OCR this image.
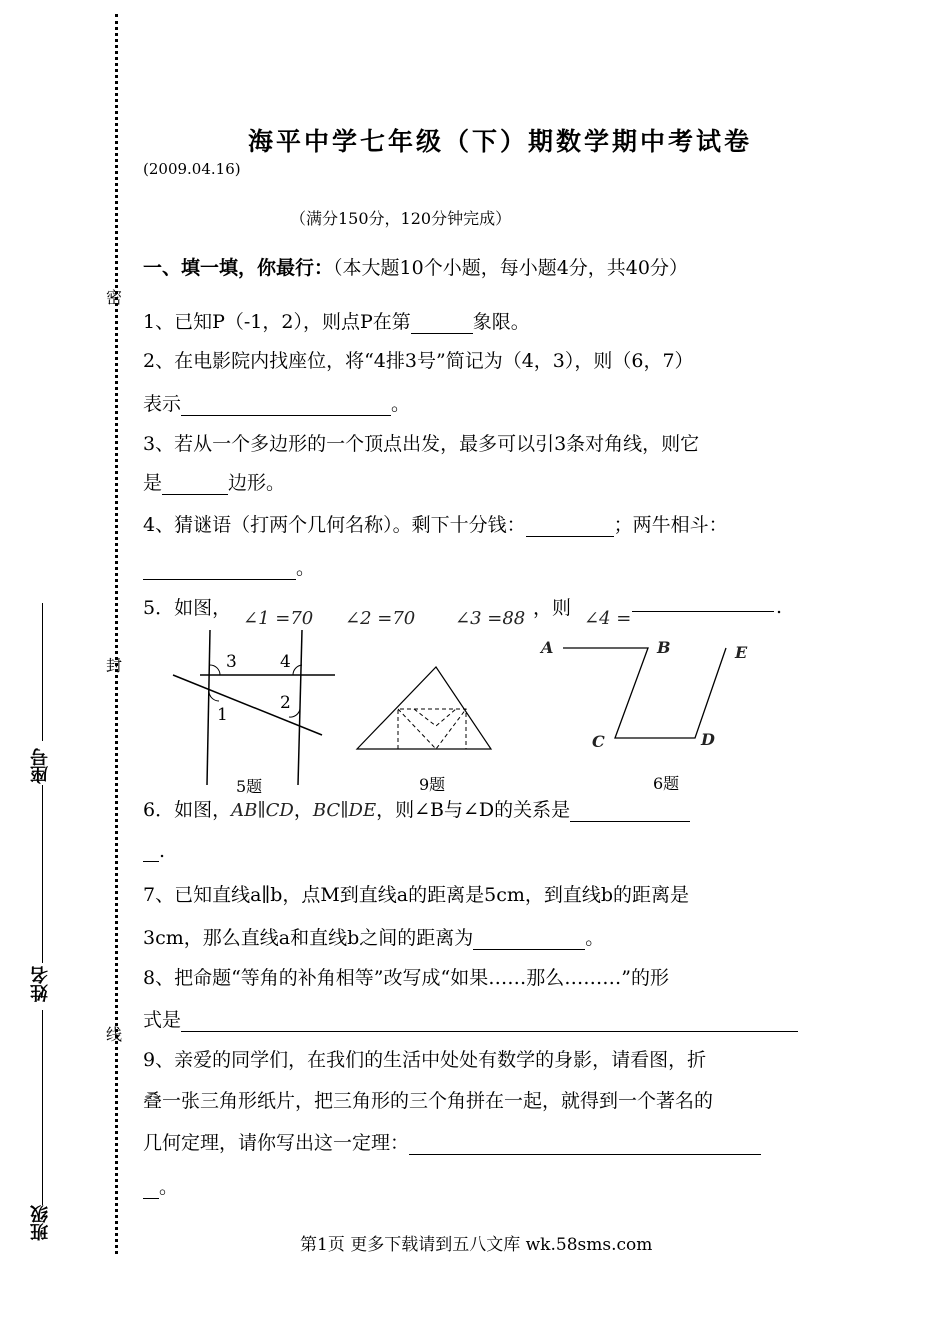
密
封
线
座号
姓名
班级
海平中学七年级（下）期数学期中考试卷
(2009.04.16)
（满分150分，120分钟完成）
一、填一填，你最行：（本大题10个小题，每小题4分，共40分）
1、已知P（-1，2），则点P在第	象限。
2、在电影院内找座位，将“4排3号”简记为（4，3），则（6，7）
表示	。
3、若从一个多边形的一个顶点出发，最多可以引3条对角线，则它
是	边形。
4、猜谜语（打两个几何名称）。剩下十分钱：	；两牛相斗：
。
5．如图， ∠1 =70 ∠2 =70 ∠3 =88 ，则 ∠4 =
.
3	4
1
2
5题	9题
A	B	E
C	D
6题
6．如图，AB∥CD，BC∥DE，则∠B与∠D的关系是
.
7、已知直线a∥b，点M到直线a的距离是5cm，到直线b的距离是
3cm，那么直线a和直线b之间的距离为	。
8、把命题“等角的补角相等”改写成“如果……那么………”的形
式是
9、亲爱的同学们，在我们的生活中处处有数学的身影，请看图，折
叠一张三角形纸片，把三角形的三个角拼在一起，就得到一个著名的
几何定理，请你写出这一定理：
。
第1页 更多下载请到五八文库 wk.58sms.com
